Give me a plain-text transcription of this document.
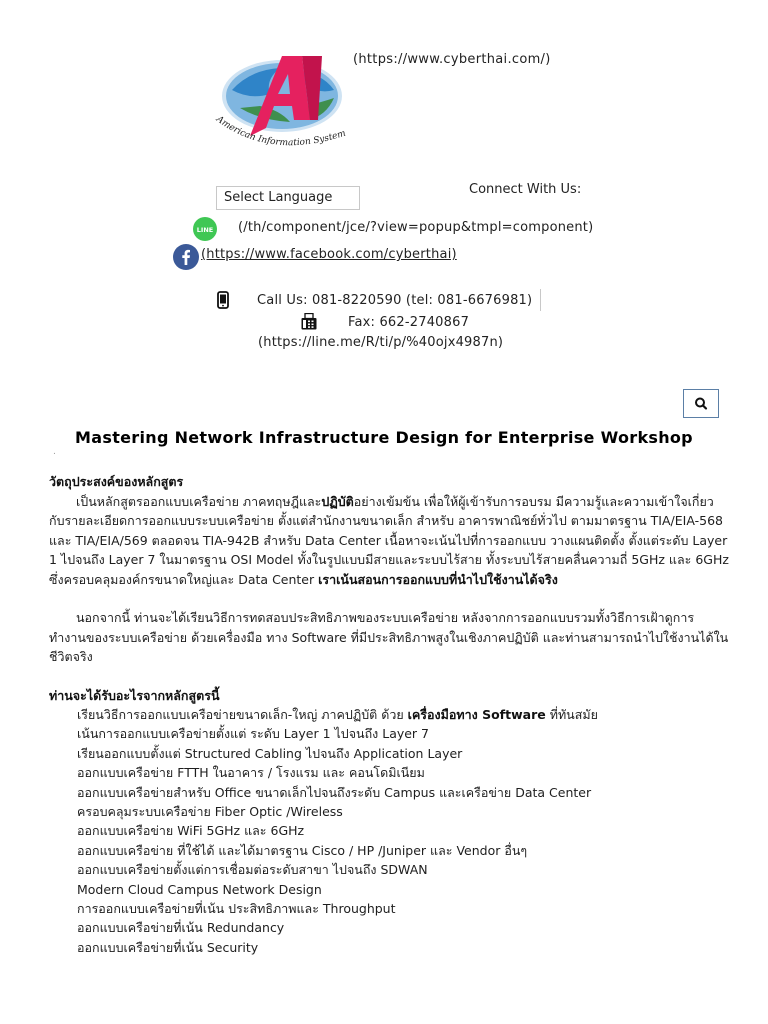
American Information System
(https://www.cyberthai.com/)
Select Language
Connect With Us:
LINE (/th/component/jce/?view=popup&tmpl=component)
(https://www.facebook.com/cyberthai)
Call Us: 081-8220590 (tel: 081-6676981)
Fax: 662-2740867
(https://line.me/R/ti/p/%40ojx4987n)
Mastering Network Infrastructure Design for Enterprise Workshop
.

วัตถุประสงค์ของหลักสูตร

เป็นหลักสูตรออกแบบเครือข่าย ภาคทฤษฎีและปฏิบัติอย่างเข้มข้น เพื่อให้ผู้เข้ารับการอบรม มีความรู้และความเข้าใจเกี่ยวกับรายละเอียดการออกแบบระบบเครือข่าย ตั้งแต่สำนักงานขนาดเล็ก สำหรับ อาคารพาณิชย์ทั่วไป ตามมาตรฐาน TIA/EIA-568 และ TIA/EIA/569 ตลอดจน TIA-942B สำหรับ Data Center เนื้อหาจะเน้นไปที่การออกแบบ วางแผนติดตั้ง ตั้งแต่ระดับ Layer 1 ไปจนถึง Layer 7 ในมาตรฐาน OSI Model ทั้งในรูปแบบมีสายและระบบไร้สาย ทั้งระบบไร้สายคลื่นความถี่ 5GHz และ 6GHz ซึ่งครอบคลุมองค์กรขนาดใหญ่และ Data Center เราเน้นสอนการออกแบบที่นำไปใช้งานได้จริง

นอกจากนี้ ท่านจะได้เรียนวิธีการทดสอบประสิทธิภาพของระบบเครือข่าย หลังจากการออกแบบรวมทั้งวิธีการเฝ้าดูการทำงานของระบบเครือข่าย ด้วยเครื่องมือ ทาง Software ที่มีประสิทธิภาพสูงในเชิงภาคปฏิบัติ และท่านสามารถนำไปใช้งานได้ในชีวิตจริง

ท่านจะได้รับอะไรจากหลักสูตรนี้

เรียนวิธีการออกแบบเครือข่ายขนาดเล็ก-ใหญ่ ภาคปฏิบัติ ด้วย เครื่องมือทาง Software ที่ทันสมัย
เน้นการออกแบบเครือข่ายตั้งแต่ ระดับ Layer 1 ไปจนถึง Layer 7
เรียนออกแบบตั้งแต่ Structured Cabling ไปจนถึง Application Layer
ออกแบบเครือข่าย FTTH ในอาคาร / โรงแรม และ คอนโดมิเนียม
ออกแบบเครือข่ายสำหรับ Office ขนาดเล็กไปจนถึงระดับ Campus และเครือข่าย Data Center
ครอบคลุมระบบเครือข่าย Fiber Optic /Wireless
ออกแบบเครือข่าย WiFi 5GHz และ 6GHz
ออกแบบเครือข่าย ที่ใช้ได้ และได้มาตรฐาน Cisco / HP /Juniper และ Vendor อื่นๆ
ออกแบบเครือข่ายตั้งแต่การเชื่อมต่อระดับสาขา ไปจนถึง SDWAN
Modern Cloud Campus Network Design
การออกแบบเครือข่ายที่เน้น ประสิทธิภาพและ Throughput
ออกแบบเครือข่ายที่เน้น Redundancy
ออกแบบเครือข่ายที่เน้น Security
